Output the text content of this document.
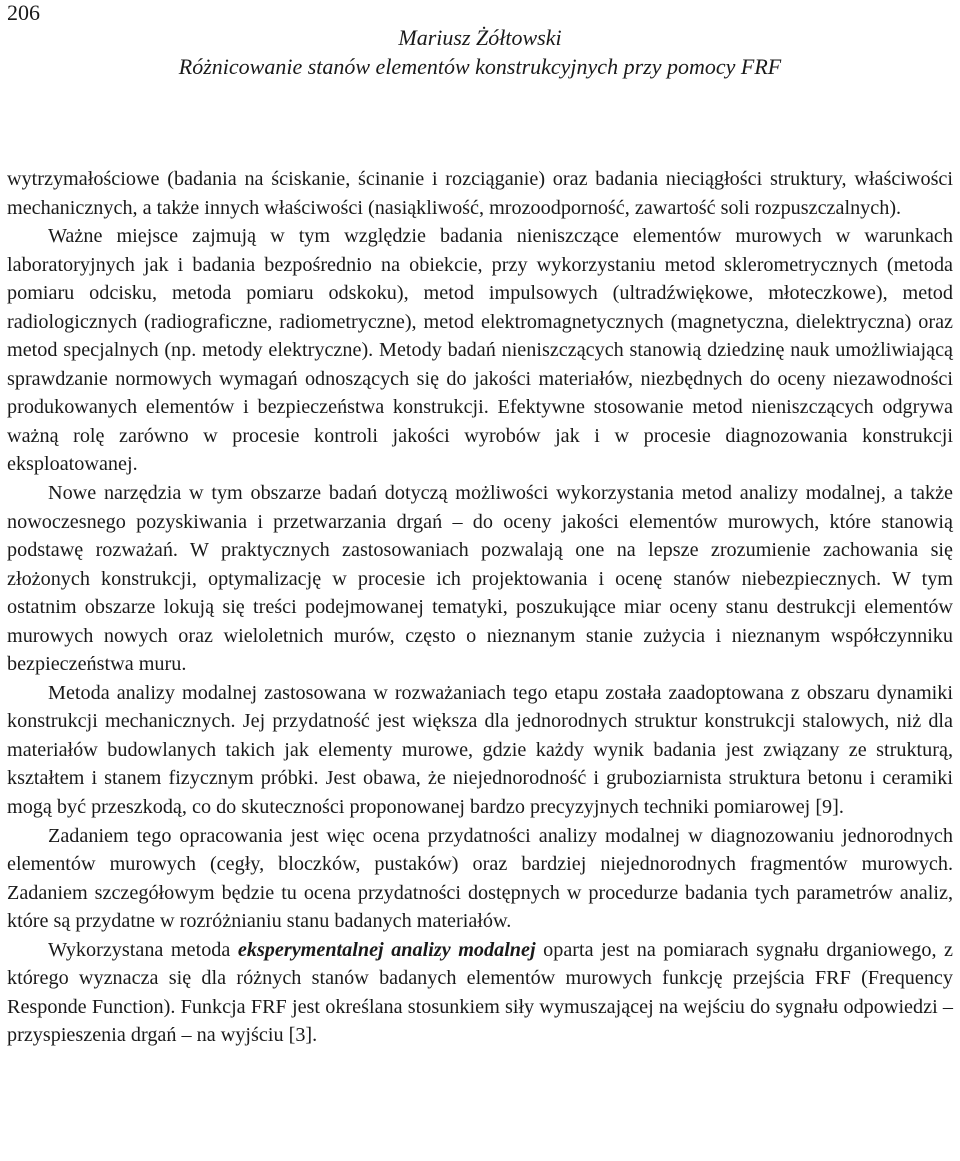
206
Mariusz Żółtowski
Różnicowanie stanów elementów konstrukcyjnych przy pomocy FRF

wytrzymałościowe (badania na ściskanie, ścinanie i rozciąganie) oraz badania nieciągłości struktury, właściwości mechanicznych, a także innych właściwości (nasiąkliwość, mrozoodporność, zawartość soli rozpuszczalnych).

Ważne miejsce zajmują w tym względzie badania nieniszczące elementów murowych w warunkach laboratoryjnych jak i badania bezpośrednio na obiekcie, przy wykorzystaniu metod sklerometrycznych (metoda pomiaru odcisku, metoda pomiaru odskoku), metod impulsowych (ultradźwiękowe, młoteczkowe), metod radiologicznych (radiograficzne, radiometryczne), metod elektromagnetycznych (magnetyczna, dielektryczna) oraz metod specjalnych (np. metody elektryczne). Metody badań nieniszczących stanowią dziedzinę nauk umożliwiającą sprawdzanie normowych wymagań odnoszących się do jakości materiałów, niezbędnych do oceny niezawodności produkowanych elementów i bezpieczeństwa konstrukcji. Efektywne stosowanie metod nieniszczących odgrywa ważną rolę zarówno w procesie kontroli jakości wyrobów jak i w procesie diagnozowania konstrukcji eksploatowanej.

Nowe narzędzia w tym obszarze badań dotyczą możliwości wykorzystania metod analizy modalnej, a także nowoczesnego pozyskiwania i przetwarzania drgań – do oceny jakości elementów murowych, które stanowią podstawę rozważań. W praktycznych zastosowaniach pozwalają one na lepsze zrozumienie zachowania się złożonych konstrukcji, optymalizację w procesie ich projektowania i ocenę stanów niebezpiecznych. W tym ostatnim obszarze lokują się treści podejmowanej tematyki, poszukujące miar oceny stanu destrukcji elementów murowych nowych oraz wieloletnich murów, często o nieznanym stanie zużycia i nieznanym współczynniku bezpieczeństwa muru.

Metoda analizy modalnej zastosowana w rozważaniach tego etapu została zaadoptowana z obszaru dynamiki konstrukcji mechanicznych. Jej przydatność jest większa dla jednorodnych struktur konstrukcji stalowych, niż dla materiałów budowlanych takich jak elementy murowe, gdzie każdy wynik badania jest związany ze strukturą, kształtem i stanem fizycznym próbki. Jest obawa, że niejednorodność i gruboziarnista struktura betonu i ceramiki mogą być przeszkodą, co do skuteczności proponowanej bardzo precyzyjnych techniki pomiarowej [9].

Zadaniem tego opracowania jest więc ocena przydatności analizy modalnej w diagnozowaniu jednorodnych elementów murowych (cegły, bloczków, pustaków) oraz bardziej niejednorodnych fragmentów murowych. Zadaniem szczegółowym będzie tu ocena przydatności dostępnych w procedurze badania tych parametrów analiz, które są przydatne w rozróżnianiu stanu badanych materiałów.

Wykorzystana metoda eksperymentalnej analizy modalnej oparta jest na pomiarach sygnału drganiowego, z którego wyznacza się dla różnych stanów badanych elementów murowych funkcję przejścia FRF (Frequency Responde Function). Funkcja FRF jest określana stosunkiem siły wymuszającej na wejściu do sygnału odpowiedzi – przyspieszenia drgań – na wyjściu [3].
